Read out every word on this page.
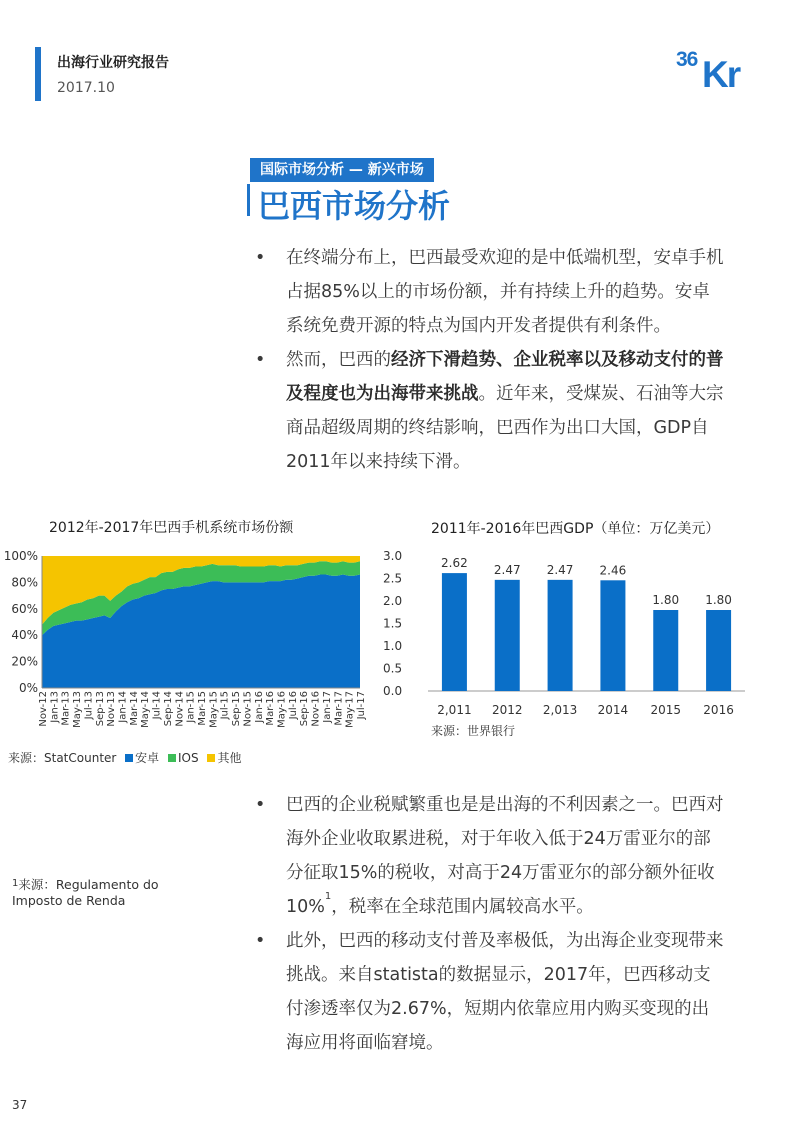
出海行业研究报告
2017.10
36 Kr
国际市场分析 — 新兴市场
巴西市场分析
• 在终端分布上，巴西最受欢迎的是中低端机型，安卓手机占据85%以上的市场份额，并有持续上升的趋势。安卓系统免费开源的特点为国内开发者提供有利条件。
• 然而，巴西的经济下滑趋势、企业税率以及移动支付的普及程度也为出海带来挑战。近年来，受煤炭、石油等大宗商品超级周期的终结影响，巴西作为出口大国，GDP自2011年以来持续下滑。
2012年-2017年巴西手机系统市场份额
0%
20%
40%
60%
80%
100%
Nov-12 Jan-13 Mar-13 May-13 Jul-13 Sep-13 Nov-13 Jan-14 Mar-14 May-14 Jul-14 Sep-14 Nov-14 Jan-15 Mar-15 May-15 Jul-15 Sep-15 Nov-15 Jan-16 Mar-16 May-16 Jul-16 Sep-16 Nov-16 Jan-17 Mar-17 May-17 Jul-17
来源：StatCounter 安卓 IOS 其他
2011年-2016年巴西GDP（单位：万亿美元）
0.0
0.5
1.0
1.5
2.0
2.5
3.0
2.62
2,011
2.47
2012
2.47
2,013
2.46
2014
1.80
2015
1.80
2016
来源：世界银行
$^1$来源：Regulamento do Imposto de Renda
• 巴西的企业税赋繁重也是是出海的不利因素之一。巴西对海外企业收取累进税，对于年收入低于24万雷亚尔的部分征取15%的税收，对高于24万雷亚尔的部分额外征收10%$^1$，税率在全球范围内属较高水平。
• 此外，巴西的移动支付普及率极低，为出海企业变现带来挑战。来自statista的数据显示，2017年，巴西移动支付渗透率仅为2.67%，短期内依靠应用内购买变现的出海应用将面临窘境。
37
